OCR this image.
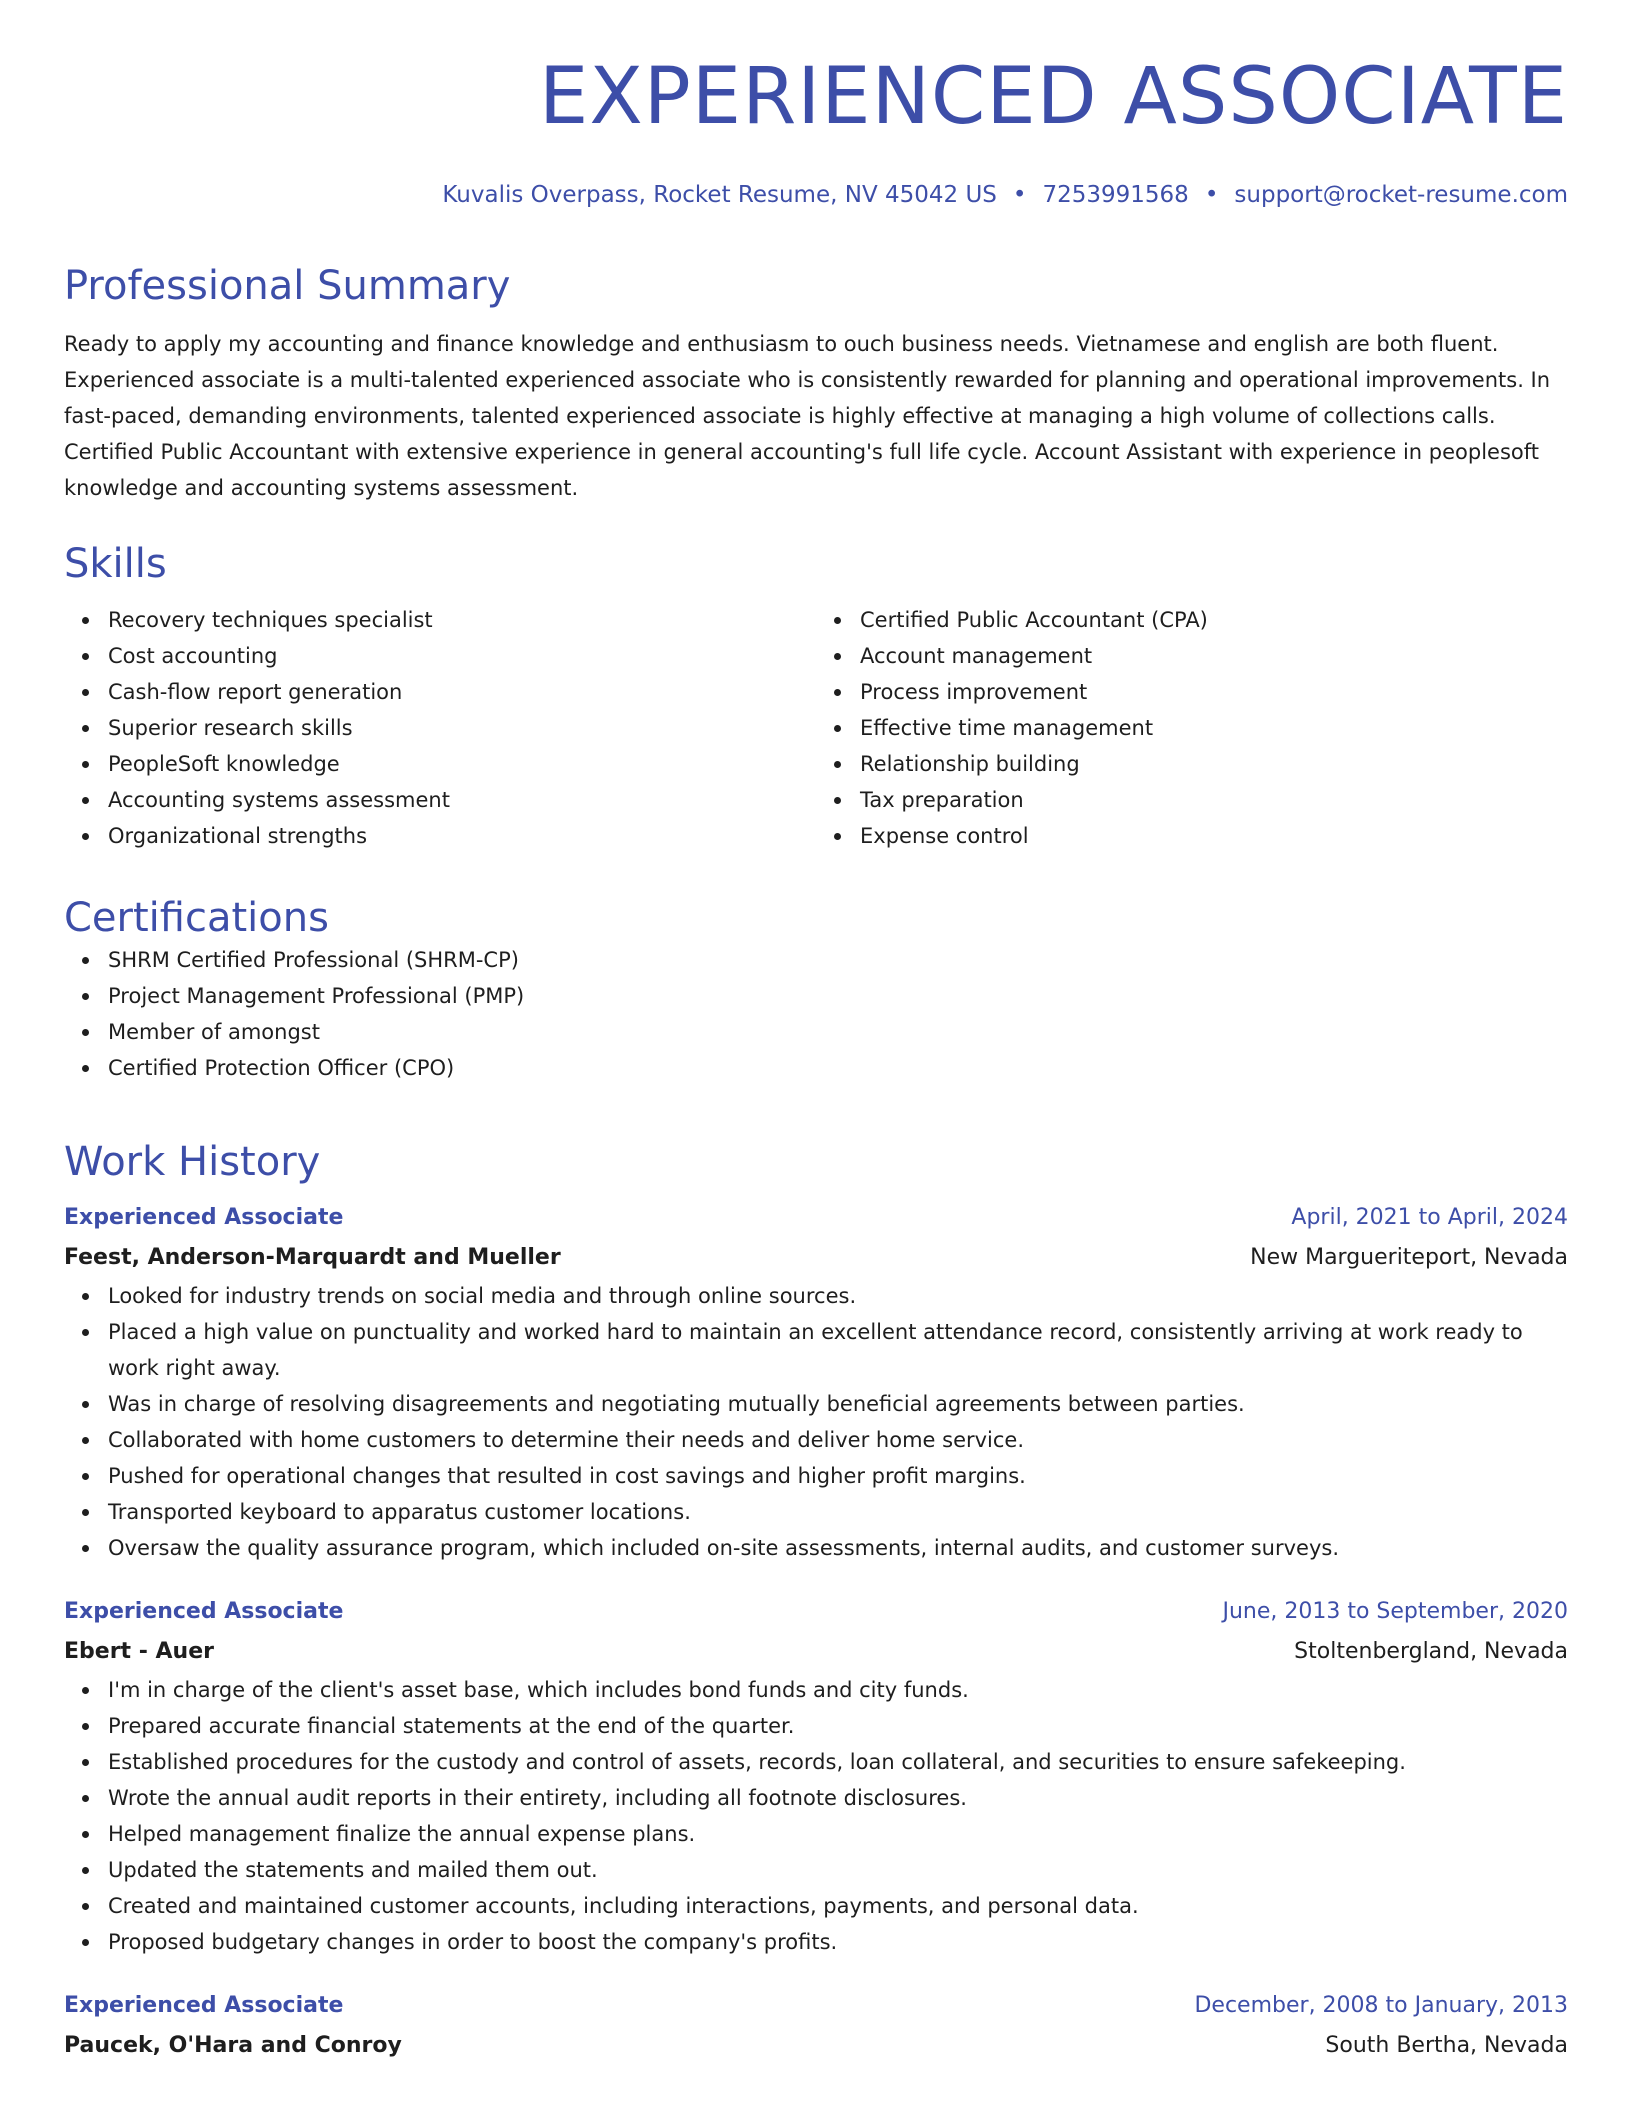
EXPERIENCED ASSOCIATE
Kuvalis Overpass, Rocket Resume, NV 45042 US • 7253991568 • support@rocket-resume.com
Professional Summary

Ready to apply my accounting and finance knowledge and enthusiasm to ouch business needs. Vietnamese and english are both fluent. Experienced associate is a multi-talented experienced associate who is consistently rewarded for planning and operational improvements. In fast-paced, demanding environments, talented experienced associate is highly effective at managing a high volume of collections calls. Certified Public Accountant with extensive experience in general accounting's full life cycle. Account Assistant with experience in peoplesoft knowledge and accounting systems assessment.

Skills
Recovery techniques specialist
Cost accounting
Cash-flow report generation
Superior research skills
PeopleSoft knowledge
Accounting systems assessment
Organizational strengths
Certified Public Accountant (CPA)
Account management
Process improvement
Effective time management
Relationship building
Tax preparation
Expense control
Certifications
SHRM Certified Professional (SHRM-CP)
Project Management Professional (PMP)
Member of amongst
Certified Protection Officer (CPO)
Work History
Experienced Associate	April, 2021 to April, 2024
Feest, Anderson-Marquardt and Mueller	New Margueriteport, Nevada
Looked for industry trends on social media and through online sources.
Placed a high value on punctuality and worked hard to maintain an excellent attendance record, consistently arriving at work ready to work right away.
Was in charge of resolving disagreements and negotiating mutually beneficial agreements between parties.
Collaborated with home customers to determine their needs and deliver home service.
Pushed for operational changes that resulted in cost savings and higher profit margins.
Transported keyboard to apparatus customer locations.
Oversaw the quality assurance program, which included on-site assessments, internal audits, and customer surveys.
Experienced Associate	June, 2013 to September, 2020
Ebert - Auer	Stoltenbergland, Nevada
I'm in charge of the client's asset base, which includes bond funds and city funds.
Prepared accurate financial statements at the end of the quarter.
Established procedures for the custody and control of assets, records, loan collateral, and securities to ensure safekeeping.
Wrote the annual audit reports in their entirety, including all footnote disclosures.
Helped management finalize the annual expense plans.
Updated the statements and mailed them out.
Created and maintained customer accounts, including interactions, payments, and personal data.
Proposed budgetary changes in order to boost the company's profits.
Experienced Associate	December, 2008 to January, 2013
Paucek, O'Hara and Conroy	South Bertha, Nevada
